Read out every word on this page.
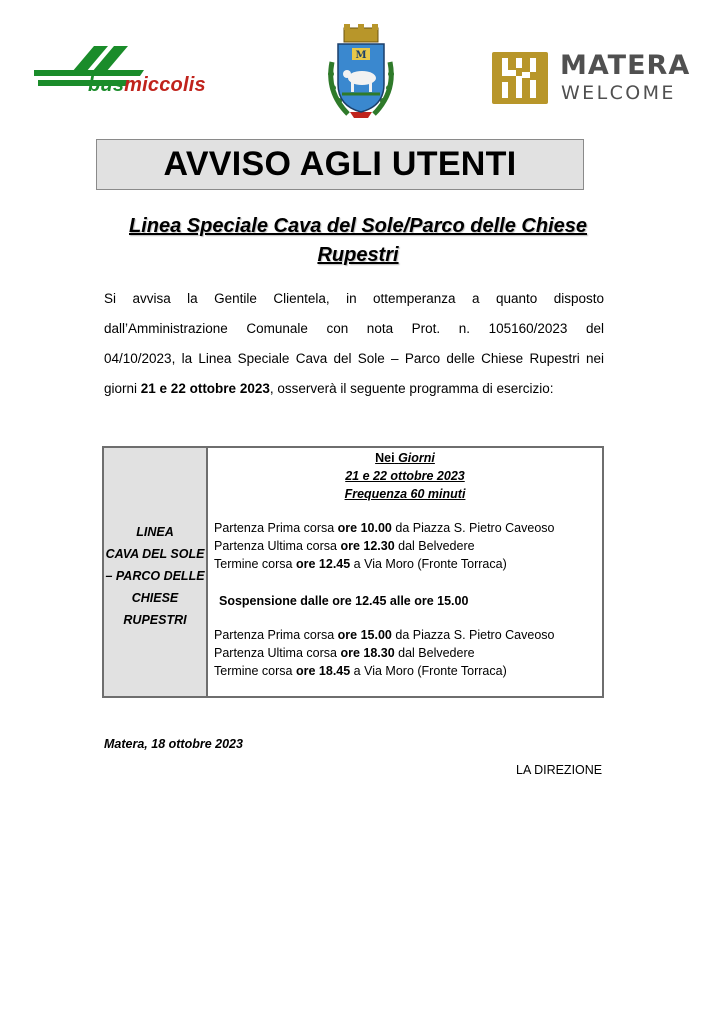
busmiccolis
M	MATERA
WELCOME
AVVISO AGLI UTENTI
Linea Speciale Cava del Sole/Parco delle Chiese
Rupestri
Si avvisa la Gentile Clientela, in ottemperanza a quanto disposto
dall’Amministrazione Comunale con nota Prot. n. 105160/2023 del
04/10/2023, la Linea Speciale Cava del Sole – Parco delle Chiese Rupestri nei
giorni 21 e 22 ottobre 2023, osserverà il seguente programma di esercizio:
LINEA
CAVA DEL SOLE
– PARCO DELLE
CHIESE
RUPESTRI
Nei Giorni
21 e 22 ottobre 2023
Frequenza 60 minuti
Partenza Prima corsa ore 10.00 da Piazza S. Pietro Caveoso
Partenza Ultima corsa ore 12.30 dal Belvedere
Termine corsa ore 12.45 a Via Moro (Fronte Torraca)
Sospensione dalle ore 12.45 alle ore 15.00
Partenza Prima corsa ore 15.00 da Piazza S. Pietro Caveoso
Partenza Ultima corsa ore 18.30 dal Belvedere
Termine corsa ore 18.45 a Via Moro (Fronte Torraca)
Matera, 18 ottobre 2023
LA DIREZIONE
